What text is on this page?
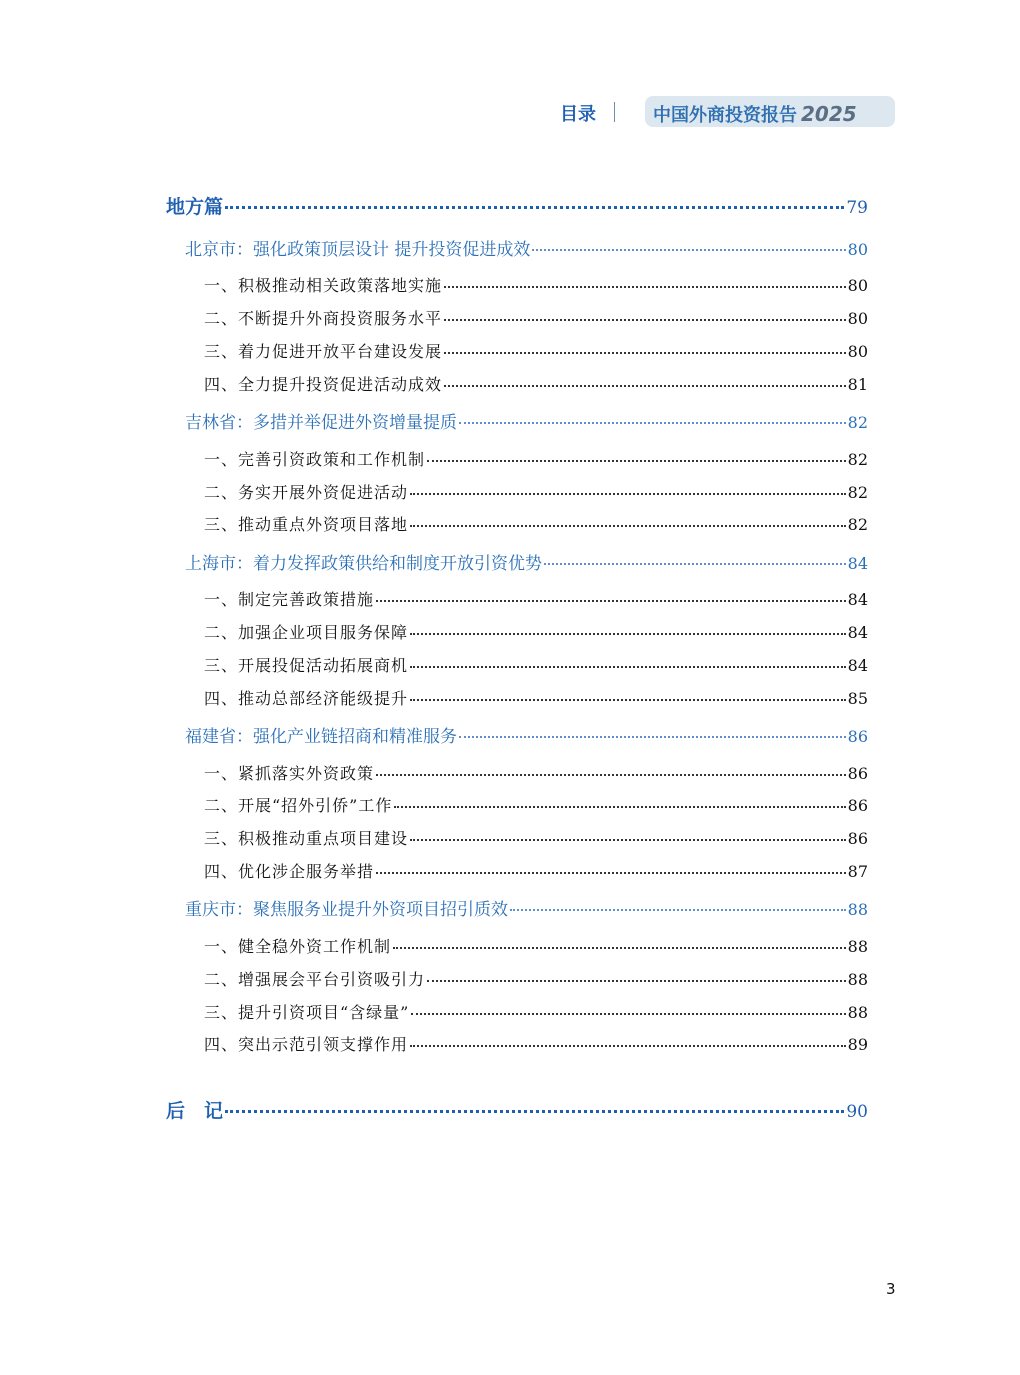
目录	中国外商投资报告 2025
地方篇	79
北京市：强化政策顶层设计 提升投资促进成效	80
一、积极推动相关政策落地实施	80
二、不断提升外商投资服务水平	80
三、着力促进开放平台建设发展	80
四、全力提升投资促进活动成效	81
吉林省：多措并举促进外资增量提质	82
一、完善引资政策和工作机制	82
二、务实开展外资促进活动	82
三、推动重点外资项目落地	82
上海市：着力发挥政策供给和制度开放引资优势	84
一、制定完善政策措施	84
二、加强企业项目服务保障	84
三、开展投促活动拓展商机	84
四、推动总部经济能级提升	85
福建省：强化产业链招商和精准服务	86
一、紧抓落实外资政策	86
二、开展“招外引侨”工作	86
三、积极推动重点项目建设	86
四、优化涉企服务举措	87
重庆市：聚焦服务业提升外资项目招引质效	88
一、健全稳外资工作机制	88
二、增强展会平台引资吸引力	88
三、提升引资项目“含绿量”	88
四、突出示范引领支撑作用	89
后　记	90
3
